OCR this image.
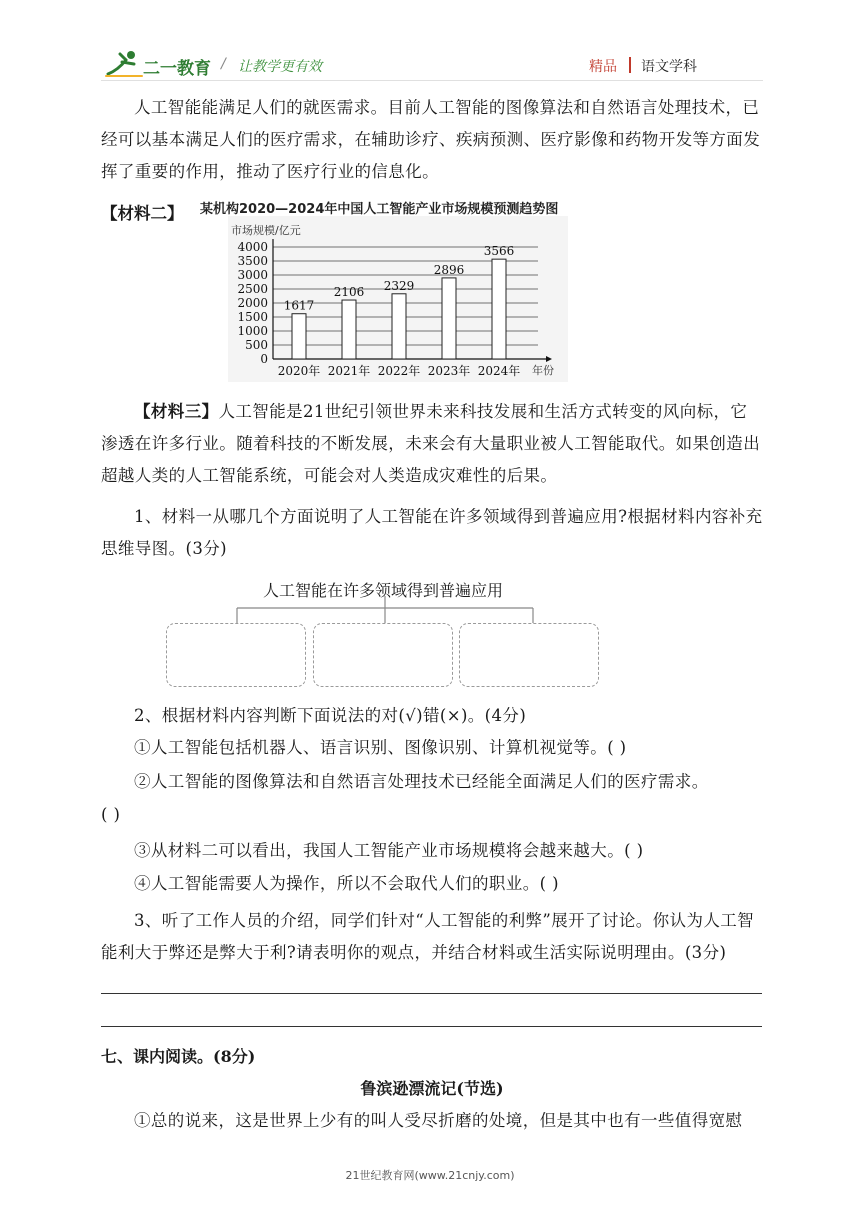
二一教育 / 让教学更有效	精品 语文学科

人工智能能满足人们的就医需求。目前人工智能的图像算法和自然语言处理技术，已经可以基本满足人们的医疗需求，在辅助诊疗、疾病预测、医疗影像和药物开发等方面发挥了重要的作用，推动了医疗行业的信息化。

【材料二】 某机构2020—2024年中国人工智能产业市场规模预测趋势图
市场规模/亿元
年份
0
500
1000
1500
2000
2500
3000
3500
4000
1617
2020年
2106
2021年
2329
2022年
2896
2023年
3566
2024年

【材料三】人工智能是21世纪引领世界未来科技发展和生活方式转变的风向标，它渗透在许多行业。随着科技的不断发展，未来会有大量职业被人工智能取代。如果创造出超越人类的人工智能系统，可能会对人类造成灾难性的后果。

1、材料一从哪几个方面说明了人工智能在许多领域得到普遍应用?根据材料内容补充思维导图。(3分)

人工智能在许多领域得到普遍应用

2、根据材料内容判断下面说法的对(√)错(×)。(4分)

①人工智能包括机器人、语言识别、图像识别、计算机视觉等。( )

②人工智能的图像算法和自然语言处理技术已经能全面满足人们的医疗需求。

( )

③从材料二可以看出，我国人工智能产业市场规模将会越来越大。( )

④人工智能需要人为操作，所以不会取代人们的职业。( )

3、听了工作人员的介绍，同学们针对“人工智能的利弊”展开了讨论。你认为人工智能利大于弊还是弊大于利?请表明你的观点，并结合材料或生活实际说明理由。(3分)

七、课内阅读。(8分)
鲁滨逊漂流记(节选)

①总的说来，这是世界上少有的叫人受尽折磨的处境，但是其中也有一些值得宽慰

21世纪教育网(www.21cnjy.com)
